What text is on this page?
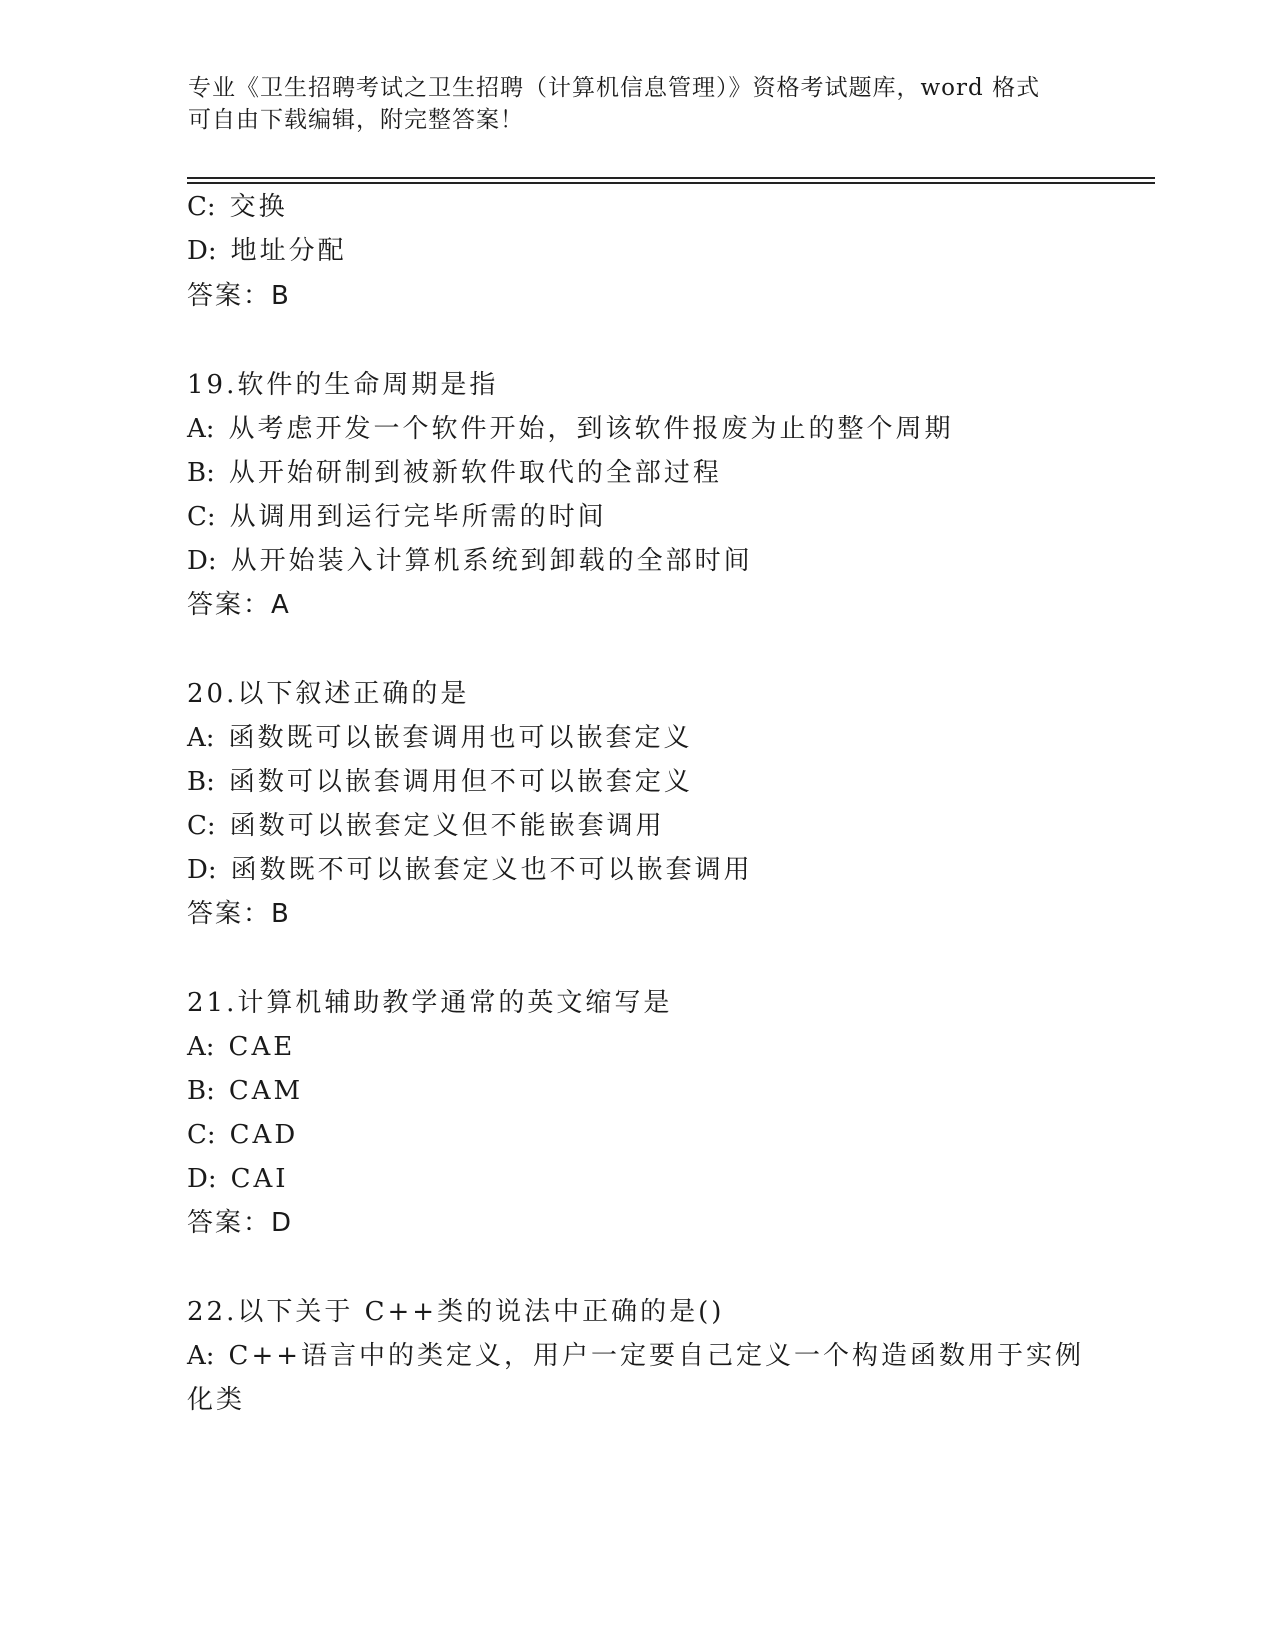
专业《卫生招聘考试之卫生招聘（计算机信息管理）》资格考试题库，word 格式
可自由下载编辑，附完整答案！
C: 交换
D: 地址分配
答案：B
19.软件的生命周期是指
A: 从考虑开发一个软件开始，到该软件报废为止的整个周期
B: 从开始研制到被新软件取代的全部过程
C: 从调用到运行完毕所需的时间
D: 从开始装入计算机系统到卸载的全部时间
答案：A
20.以下叙述正确的是
A: 函数既可以嵌套调用也可以嵌套定义
B: 函数可以嵌套调用但不可以嵌套定义
C: 函数可以嵌套定义但不能嵌套调用
D: 函数既不可以嵌套定义也不可以嵌套调用
答案：B
21.计算机辅助教学通常的英文缩写是
A: CAE
B: CAM
C: CAD
D: CAI
答案：D
22.以下关于 C++类的说法中正确的是()
A: C++语言中的类定义，用户一定要自己定义一个构造函数用于实例
化类
